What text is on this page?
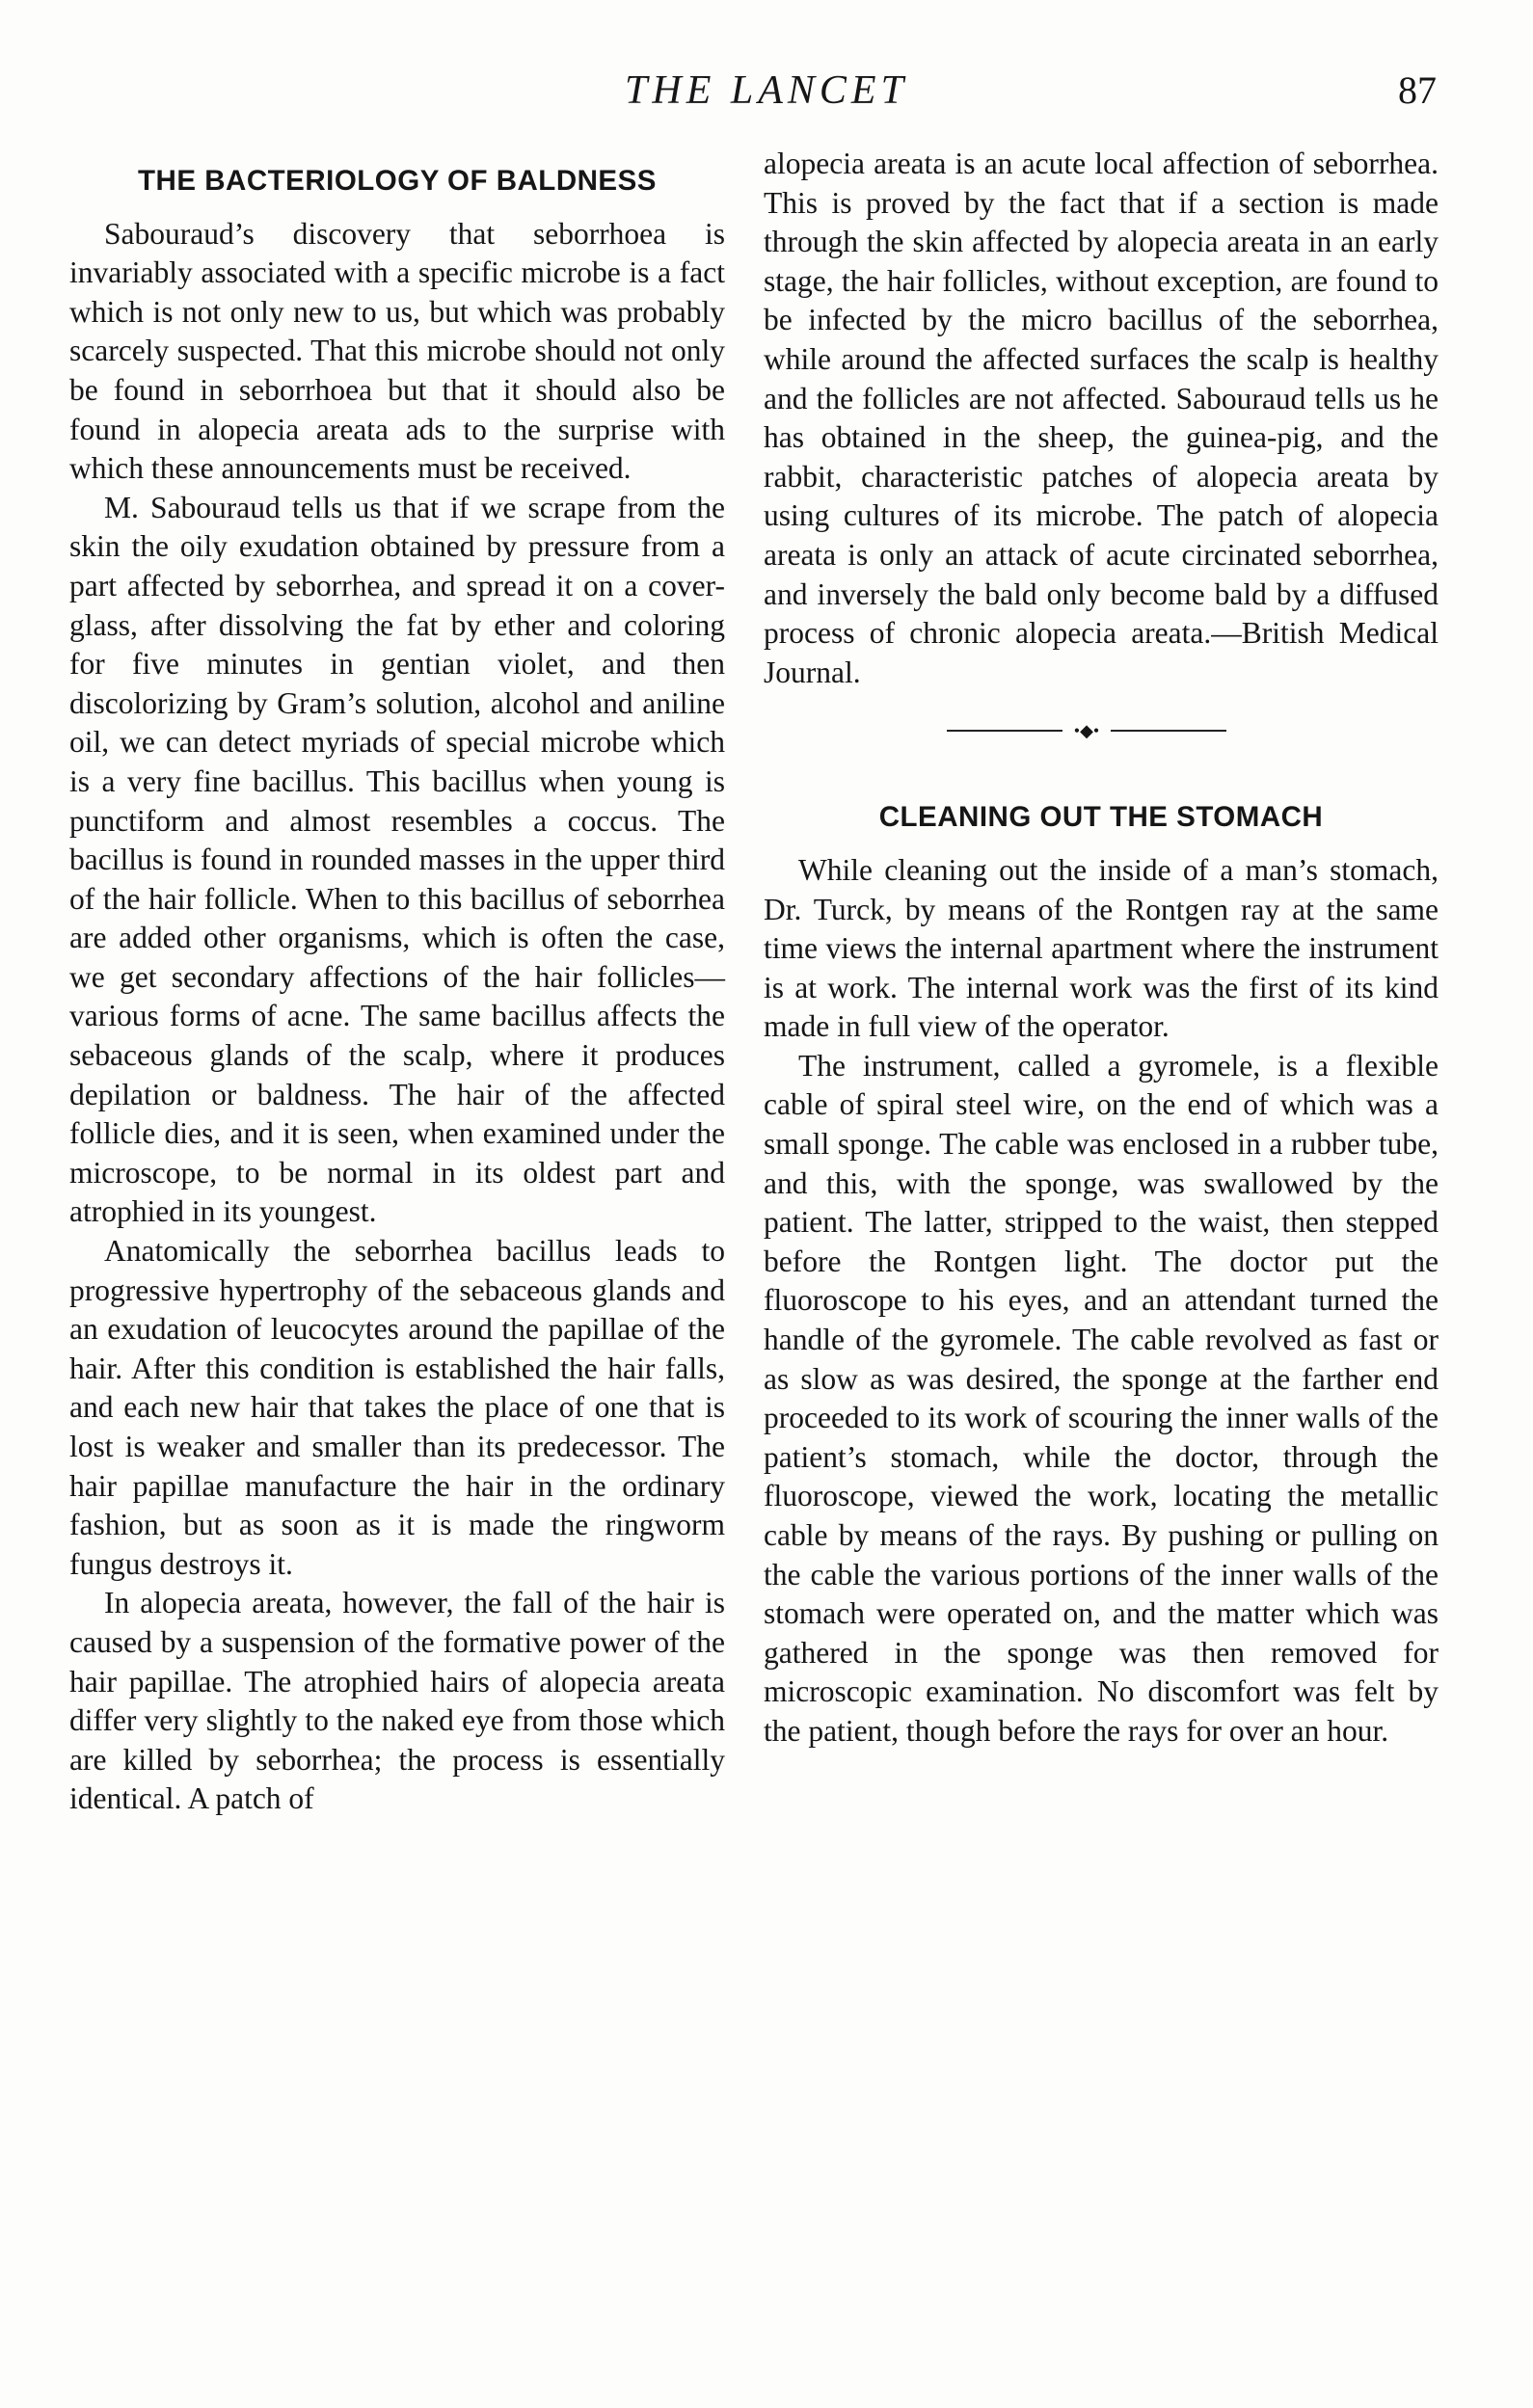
THE LANCET	87
THE BACTERIOLOGY OF BALDNESS

Sabouraud’s discovery that seborrhoea is invariably associated with a specific microbe is a fact which is not only new to us, but which was probably scarcely suspected. That this microbe should not only be found in seborrhoea but that it should also be found in alopecia areata ads to the surprise with which these announcements must be received.

M. Sabouraud tells us that if we scrape from the skin the oily exudation obtained by pressure from a part affected by seborrhea, and spread it on a cover-glass, after dissolving the fat by ether and coloring for five minutes in gentian violet, and then discolorizing by Gram’s solution, alcohol and aniline oil, we can detect myriads of special microbe which is a very fine bacillus. This bacillus when young is punctiform and almost resembles a coccus. The bacillus is found in rounded masses in the upper third of the hair follicle. When to this bacillus of seborrhea are added other organisms, which is often the case, we get secondary affections of the hair follicles—various forms of acne. The same bacillus affects the sebaceous glands of the scalp, where it produces depilation or baldness. The hair of the affected follicle dies, and it is seen, when examined under the microscope, to be normal in its oldest part and atrophied in its youngest.

Anatomically the seborrhea bacillus leads to progressive hypertrophy of the sebaceous glands and an exudation of leucocytes around the papillae of the hair. After this condition is established the hair falls, and each new hair that takes the place of one that is lost is weaker and smaller than its predecessor. The hair papillae manufacture the hair in the ordinary fashion, but as soon as it is made the ringworm fungus destroys it.

In alopecia areata, however, the fall of the hair is caused by a suspension of the formative power of the hair papillae. The atrophied hairs of alopecia areata differ very slightly to the naked eye from those which are killed by seborrhea; the process is essentially identical. A patch of

alopecia areata is an acute local affection of seborrhea. This is proved by the fact that if a section is made through the skin affected by alopecia areata in an early stage, the hair follicles, without exception, are found to be infected by the micro bacillus of the seborrhea, while around the affected surfaces the scalp is healthy and the follicles are not affected. Sabouraud tells us he has obtained in the sheep, the guinea-pig, and the rabbit, characteristic patches of alopecia areata by using cultures of its microbe. The patch of alopecia areata is only an attack of acute circinated seborrhea, and inversely the bald only become bald by a diffused process of chronic alopecia areata.—British Medical Journal.

•◆•
CLEANING OUT THE STOMACH

While cleaning out the inside of a man’s stomach, Dr. Turck, by means of the Rontgen ray at the same time views the internal apartment where the instrument is at work. The internal work was the first of its kind made in full view of the operator.

The instrument, called a gyromele, is a flexible cable of spiral steel wire, on the end of which was a small sponge. The cable was enclosed in a rubber tube, and this, with the sponge, was swallowed by the patient. The latter, stripped to the waist, then stepped before the Rontgen light. The doctor put the fluoroscope to his eyes, and an attendant turned the handle of the gyromele. The cable revolved as fast or as slow as was desired, the sponge at the farther end proceeded to its work of scouring the inner walls of the patient’s stomach, while the doctor, through the fluoroscope, viewed the work, locating the metallic cable by means of the rays. By pushing or pulling on the cable the various portions of the inner walls of the stomach were operated on, and the matter which was gathered in the sponge was then removed for microscopic examination. No discomfort was felt by the patient, though before the rays for over an hour.
